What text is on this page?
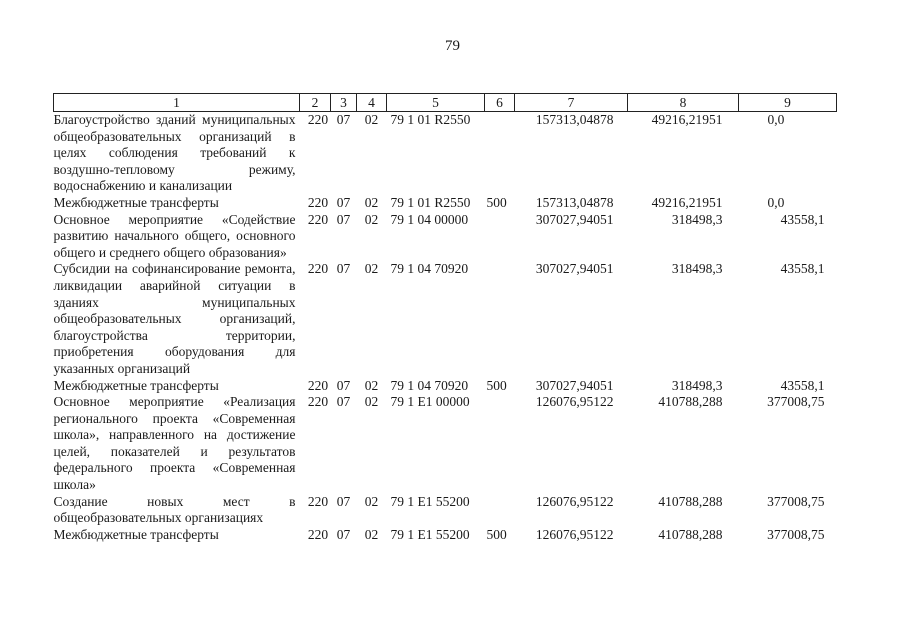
79
1	2	3	4	5	6	7	8	9
Благоустройство зданий муниципальных общеобразовательных организаций в целях соблюдения требований к воздушно-тепловому режиму, водоснабжению и канализации	220	07	02	79 1 01 R2550		157313,04878	49216,21951	0,0
Межбюджетные трансферты	220	07	02	79 1 01 R2550	500	157313,04878	49216,21951	0,0
Основное мероприятие «Содействие развитию начального общего, основного общего и среднего общего образования»	220	07	02	79 1 04 00000		307027,94051	318498,3	43558,1
Субсидии на софинансирование ремонта, ликвидации аварийной ситуации в зданиях муниципальных общеобразовательных организаций, благоустройства территории, приобретения оборудования для указанных организаций	220	07	02	79 1 04 70920		307027,94051	318498,3	43558,1
Межбюджетные трансферты	220	07	02	79 1 04 70920	500	307027,94051	318498,3	43558,1
Основное мероприятие «Реализация регионального проекта «Современная школа», направленного на достижение целей, показателей и результатов федерального проекта «Современная школа»	220	07	02	79 1 E1 00000		126076,95122	410788,288	377008,75
Создание новых мест в общеобразовательных организациях	220	07	02	79 1 E1 55200		126076,95122	410788,288	377008,75
Межбюджетные трансферты	220	07	02	79 1 E1 55200	500	126076,95122	410788,288	377008,75
